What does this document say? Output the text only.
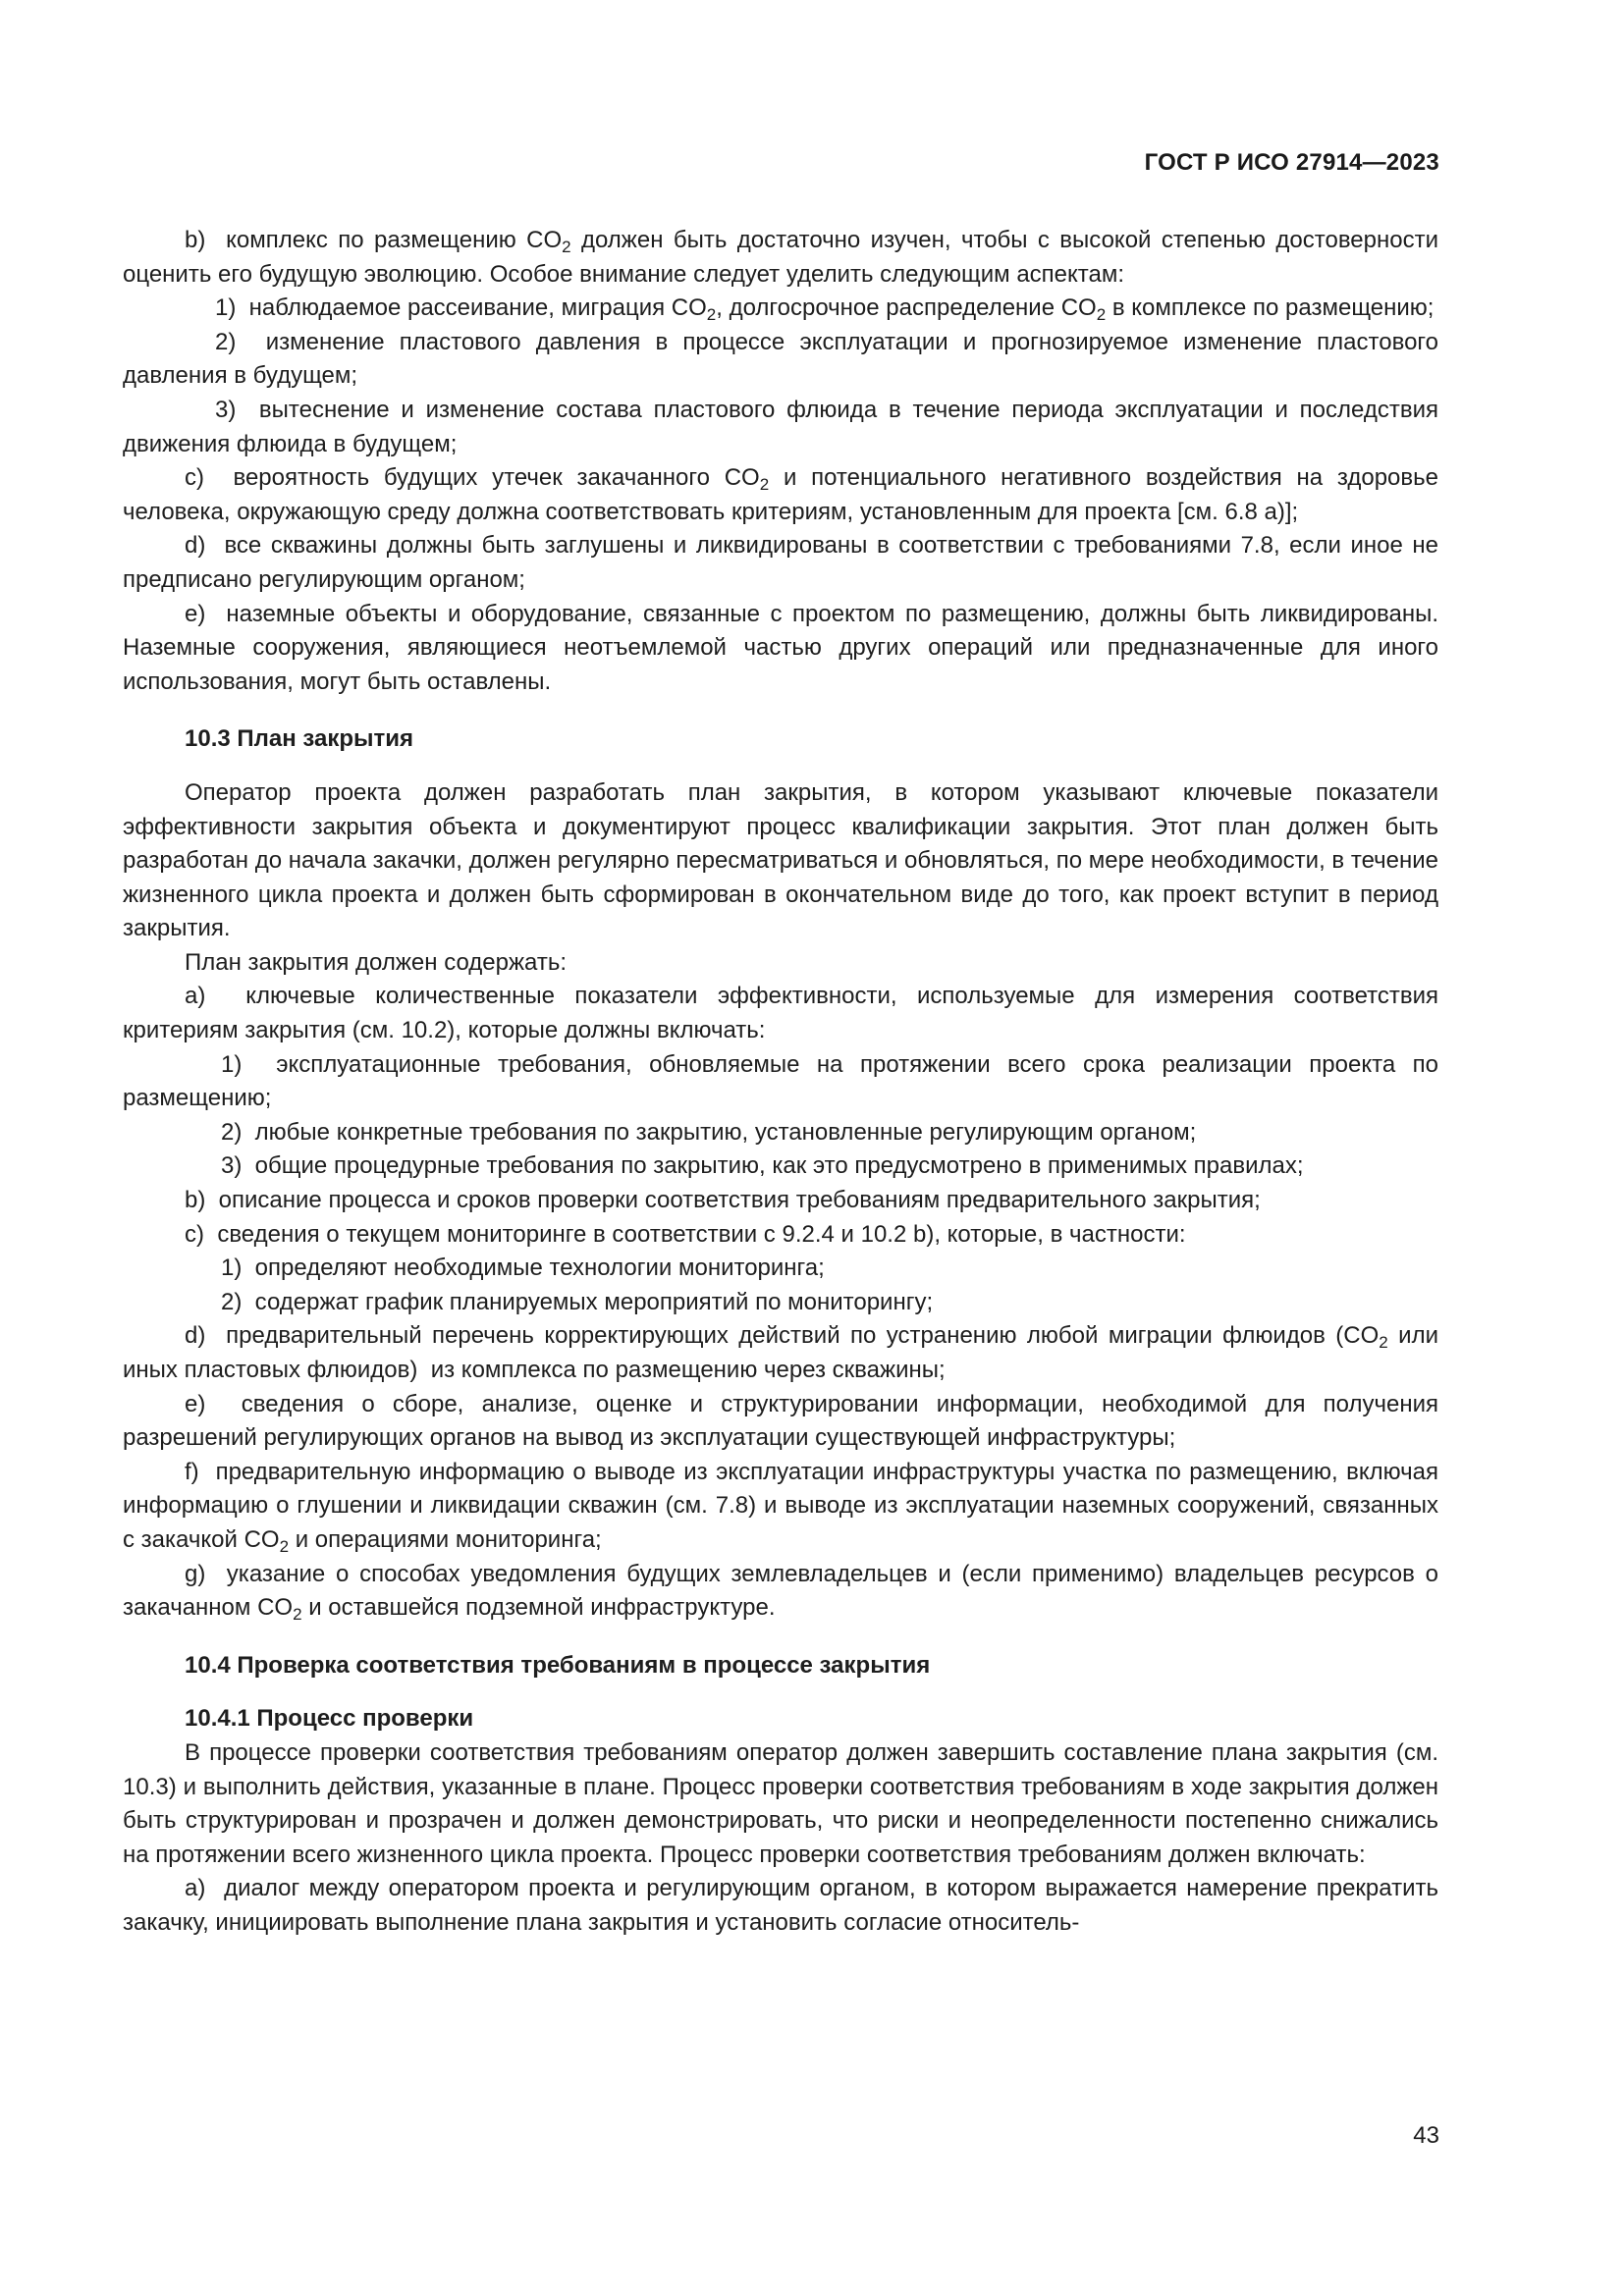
ГОСТ Р ИСО 27914—2023

b)  комплекс по размещению $CO_2$ должен быть достаточно изучен, чтобы с высокой степенью достоверности оценить его будущую эволюцию. Особое внимание следует уделить следующим аспектам:

1)  наблюдаемое рассеивание, миграция $CO_2$, долгосрочное распределение $CO_2$ в комплексе по размещению;

2)  изменение пластового давления в процессе эксплуатации и прогнозируемое изменение пластового давления в будущем;

3)  вытеснение и изменение состава пластового флюида в течение периода эксплуатации и последствия движения флюида в будущем;

c)  вероятность будущих утечек закачанного $CO_2$ и потенциального негативного воздействия на здоровье человека, окружающую среду должна соответствовать критериям, установленным для проекта [см. 6.8 a)];

d)  все скважины должны быть заглушены и ликвидированы в соответствии с требованиями 7.8, если иное не предписано регулирующим органом;

e)  наземные объекты и оборудование, связанные с проектом по размещению, должны быть ликвидированы. Наземные сооружения, являющиеся неотъемлемой частью других операций или предназначенные для иного использования, могут быть оставлены.

10.3 План закрытия

Оператор проекта должен разработать план закрытия, в котором указывают ключевые показатели эффективности закрытия объекта и документируют процесс квалификации закрытия. Этот план должен быть разработан до начала закачки, должен регулярно пересматриваться и обновляться, по мере необходимости, в течение жизненного цикла проекта и должен быть сформирован в окончательном виде до того, как проект вступит в период закрытия.

План закрытия должен содержать:

a)  ключевые количественные показатели эффективности, используемые для измерения соответствия критериям закрытия (см. 10.2), которые должны включать:

1)  эксплуатационные требования, обновляемые на протяжении всего срока реализации проекта по размещению;

2)  любые конкретные требования по закрытию, установленные регулирующим органом;

3)  общие процедурные требования по закрытию, как это предусмотрено в применимых правилах;

b)  описание процесса и сроков проверки соответствия требованиям предварительного закрытия;

c)  сведения о текущем мониторинге в соответствии с 9.2.4 и 10.2 b), которые, в частности:

1)  определяют необходимые технологии мониторинга;

2)  содержат график планируемых мероприятий по мониторингу;

d)  предварительный перечень корректирующих действий по устранению любой миграции флюидов ($CO_2$ или иных пластовых флюидов)  из комплекса по размещению через скважины;

e)  сведения о сборе, анализе, оценке и структурировании информации, необходимой для получения разрешений регулирующих органов на вывод из эксплуатации существующей инфраструктуры;

f)  предварительную информацию о выводе из эксплуатации инфраструктуры участка по размещению, включая информацию о глушении и ликвидации скважин (см. 7.8) и выводе из эксплуатации наземных сооружений, связанных с закачкой $CO_2$ и операциями мониторинга;

g)  указание о способах уведомления будущих землевладельцев и (если применимо) владельцев ресурсов о закачанном $CO_2$ и оставшейся подземной инфраструктуре.

10.4 Проверка соответствия требованиям в процессе закрытия

10.4.1 Процесс проверки

В процессе проверки соответствия требованиям оператор должен завершить составление плана закрытия (см. 10.3) и выполнить действия, указанные в плане. Процесс проверки соответствия требованиям в ходе закрытия должен быть структурирован и прозрачен и должен демонстрировать, что риски и неопределенности постепенно снижались на протяжении всего жизненного цикла проекта. Процесс проверки соответствия требованиям должен включать:

a)  диалог между оператором проекта и регулирующим органом, в котором выражается намерение прекратить закачку, инициировать выполнение плана закрытия и установить согласие относитель-

43
